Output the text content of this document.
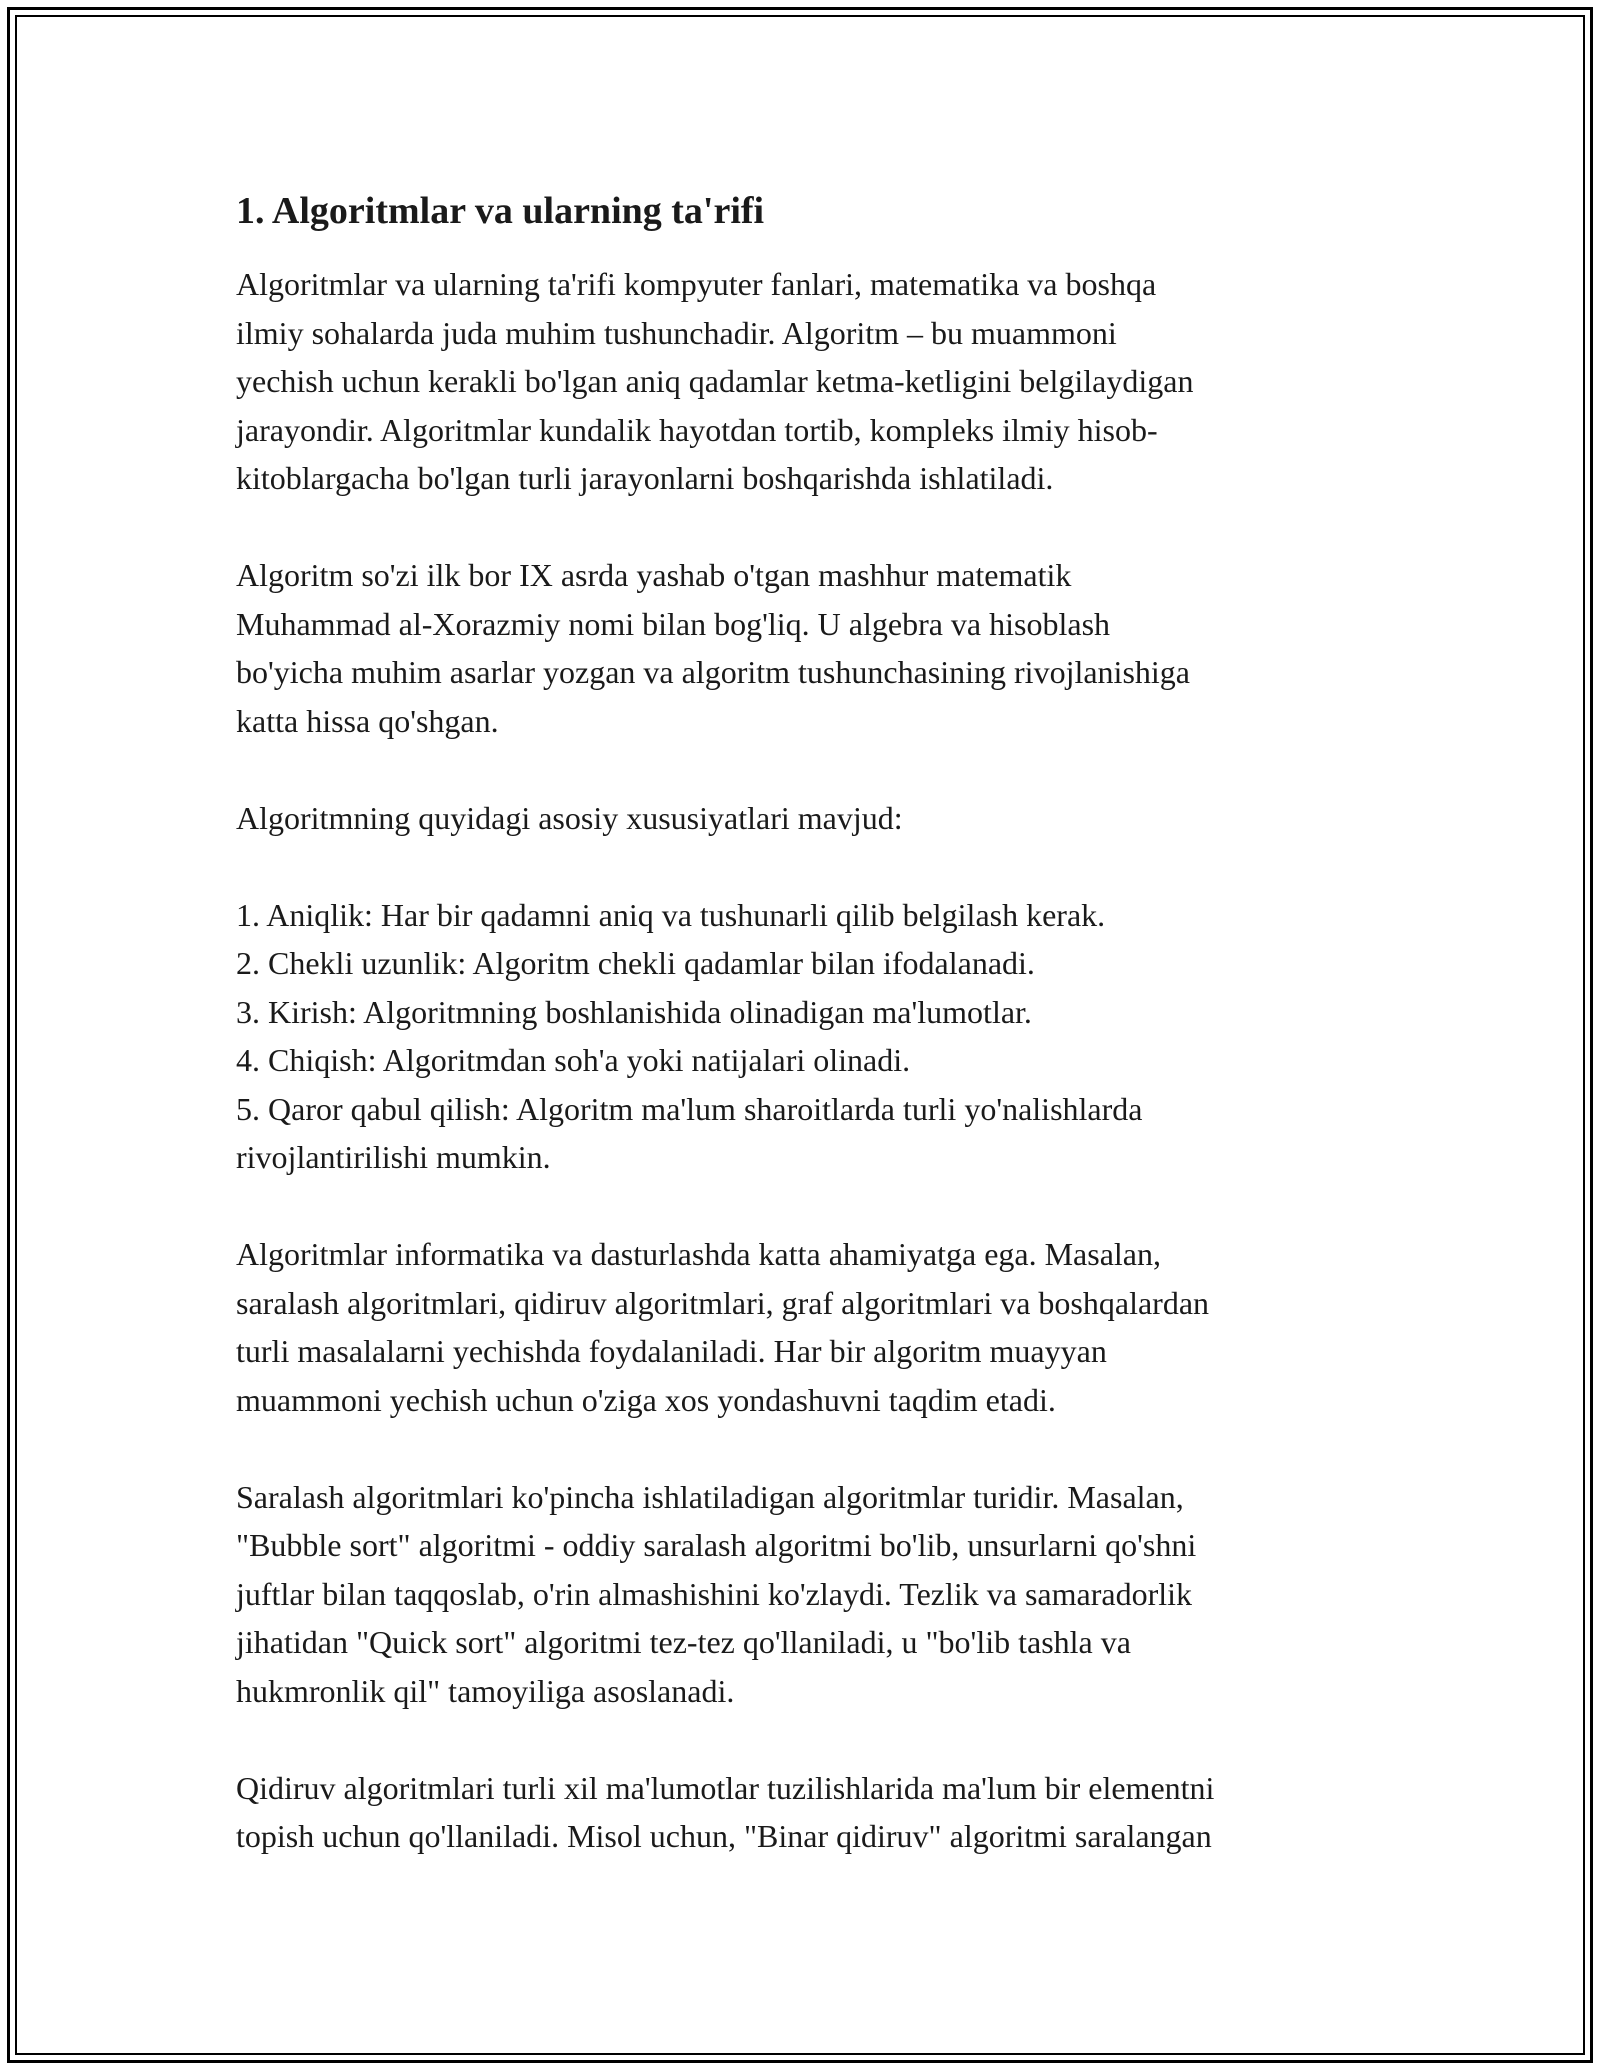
1. Algoritmlar va ularning ta'rifi

Algoritmlar va ularning ta'rifi kompyuter fanlari, matematika va boshqa
ilmiy sohalarda juda muhim tushunchadir. Algoritm – bu muammoni
yechish uchun kerakli bo'lgan aniq qadamlar ketma-ketligini belgilaydigan
jarayondir. Algoritmlar kundalik hayotdan tortib, kompleks ilmiy hisob-
kitoblargacha bo'lgan turli jarayonlarni boshqarishda ishlatiladi.

Algoritm so'zi ilk bor IX asrda yashab o'tgan mashhur matematik
Muhammad al-Xorazmiy nomi bilan bog'liq. U algebra va hisoblash
bo'yicha muhim asarlar yozgan va algoritm tushunchasining rivojlanishiga
katta hissa qo'shgan.

Algoritmning quyidagi asosiy xususiyatlari mavjud:

1. Aniqlik: Har bir qadamni aniq va tushunarli qilib belgilash kerak.
2. Chekli uzunlik: Algoritm chekli qadamlar bilan ifodalanadi.
3. Kirish: Algoritmning boshlanishida olinadigan ma'lumotlar.
4. Chiqish: Algoritmdan soh'a yoki natijalari olinadi.
5. Qaror qabul qilish: Algoritm ma'lum sharoitlarda turli yo'nalishlarda
rivojlantirilishi mumkin.

Algoritmlar informatika va dasturlashda katta ahamiyatga ega. Masalan,
saralash algoritmlari, qidiruv algoritmlari, graf algoritmlari va boshqalardan
turli masalalarni yechishda foydalaniladi. Har bir algoritm muayyan
muammoni yechish uchun o'ziga xos yondashuvni taqdim etadi.

Saralash algoritmlari ko'pincha ishlatiladigan algoritmlar turidir. Masalan,
"Bubble sort" algoritmi - oddiy saralash algoritmi bo'lib, unsurlarni qo'shni
juftlar bilan taqqoslab, o'rin almashishini ko'zlaydi. Tezlik va samaradorlik
jihatidan "Quick sort" algoritmi tez-tez qo'llaniladi, u "bo'lib tashla va
hukmronlik qil" tamoyiliga asoslanadi.

Qidiruv algoritmlari turli xil ma'lumotlar tuzilishlarida ma'lum bir elementni
topish uchun qo'llaniladi. Misol uchun, "Binar qidiruv" algoritmi saralangan
